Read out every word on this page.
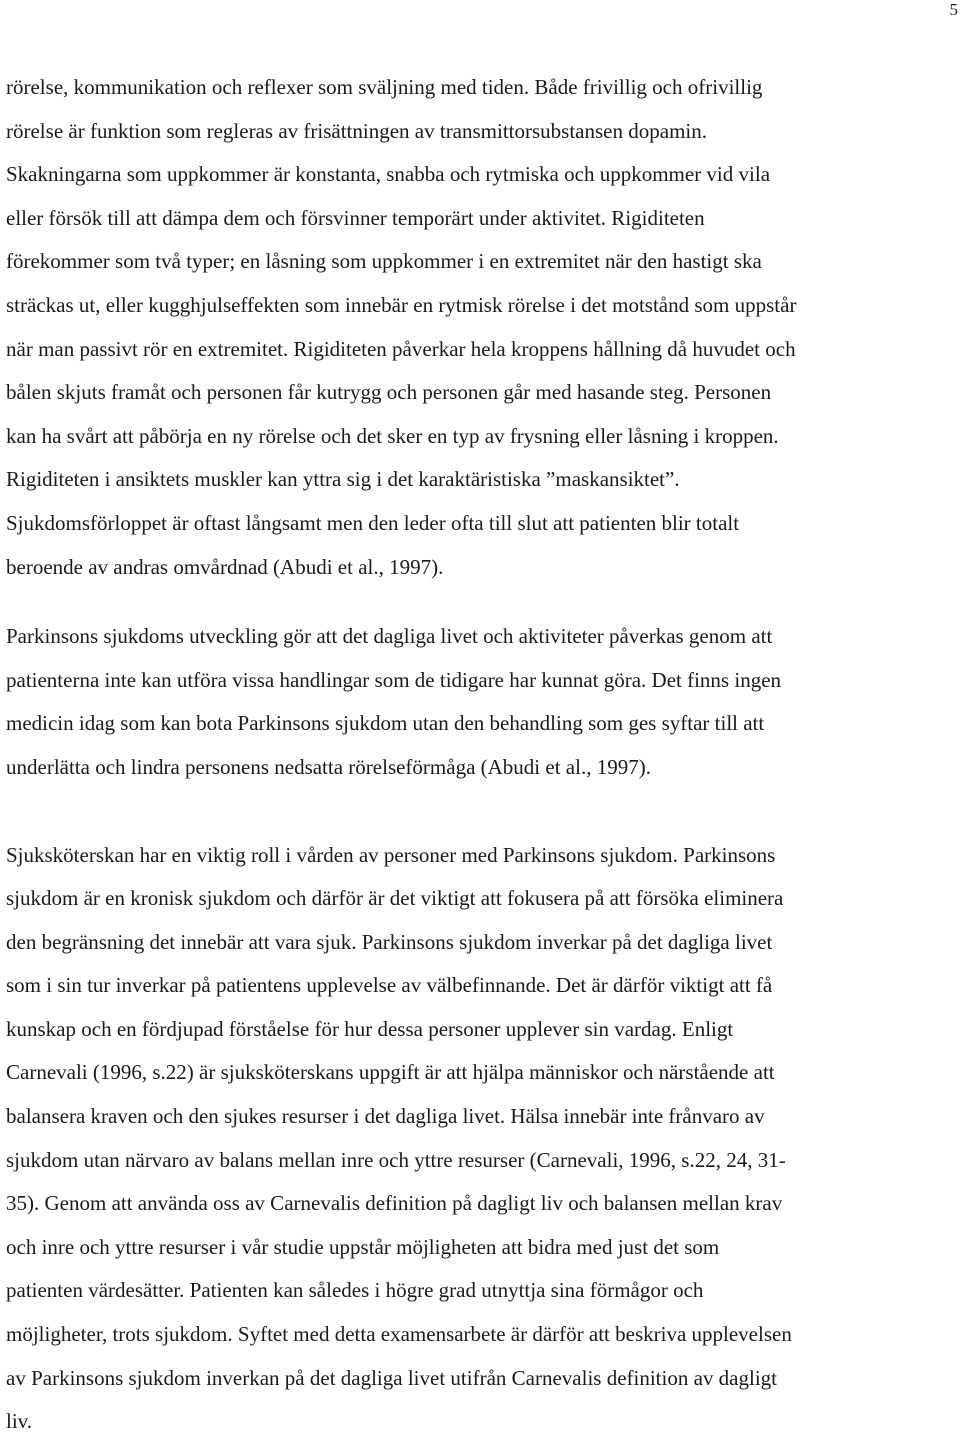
5
rörelse, kommunikation och reflexer som sväljning med tiden. Både frivillig och ofrivillig
rörelse är funktion som regleras av frisättningen av transmittorsubstansen dopamin.
Skakningarna som uppkommer är konstanta, snabba och rytmiska och uppkommer vid vila
eller försök till att dämpa dem och försvinner temporärt under aktivitet. Rigiditeten
förekommer som två typer; en låsning som uppkommer i en extremitet när den hastigt ska
sträckas ut, eller kugghjulseffekten som innebär en rytmisk rörelse i det motstånd som uppstår
när man passivt rör en extremitet. Rigiditeten påverkar hela kroppens hållning då huvudet och
bålen skjuts framåt och personen får kutrygg och personen går med hasande steg. Personen
kan ha svårt att påbörja en ny rörelse och det sker en typ av frysning eller låsning i kroppen.
Rigiditeten i ansiktets muskler kan yttra sig i det karaktäristiska ”maskansiktet”.
Sjukdomsförloppet är oftast långsamt men den leder ofta till slut att patienten blir totalt
beroende av andras omvårdnad (Abudi et al., 1997).
Parkinsons sjukdoms utveckling gör att det dagliga livet och aktiviteter påverkas genom att
patienterna inte kan utföra vissa handlingar som de tidigare har kunnat göra. Det finns ingen
medicin idag som kan bota Parkinsons sjukdom utan den behandling som ges syftar till att
underlätta och lindra personens nedsatta rörelseförmåga (Abudi et al., 1997).
Sjuksköterskan har en viktig roll i vården av personer med Parkinsons sjukdom. Parkinsons
sjukdom är en kronisk sjukdom och därför är det viktigt att fokusera på att försöka eliminera
den begränsning det innebär att vara sjuk. Parkinsons sjukdom inverkar på det dagliga livet
som i sin tur inverkar på patientens upplevelse av välbefinnande. Det är därför viktigt att få
kunskap och en fördjupad förståelse för hur dessa personer upplever sin vardag. Enligt
Carnevali (1996, s.22) är sjuksköterskans uppgift är att hjälpa människor och närstående att
balansera kraven och den sjukes resurser i det dagliga livet. Hälsa innebär inte frånvaro av
sjukdom utan närvaro av balans mellan inre och yttre resurser (Carnevali, 1996, s.22, 24, 31-
35). Genom att använda oss av Carnevalis definition på dagligt liv och balansen mellan krav
och inre och yttre resurser i vår studie uppstår möjligheten att bidra med just det som
patienten värdesätter. Patienten kan således i högre grad utnyttja sina förmågor och
möjligheter, trots sjukdom. Syftet med detta examensarbete är därför att beskriva upplevelsen
av Parkinsons sjukdom inverkan på det dagliga livet utifrån Carnevalis definition av dagligt
liv.
